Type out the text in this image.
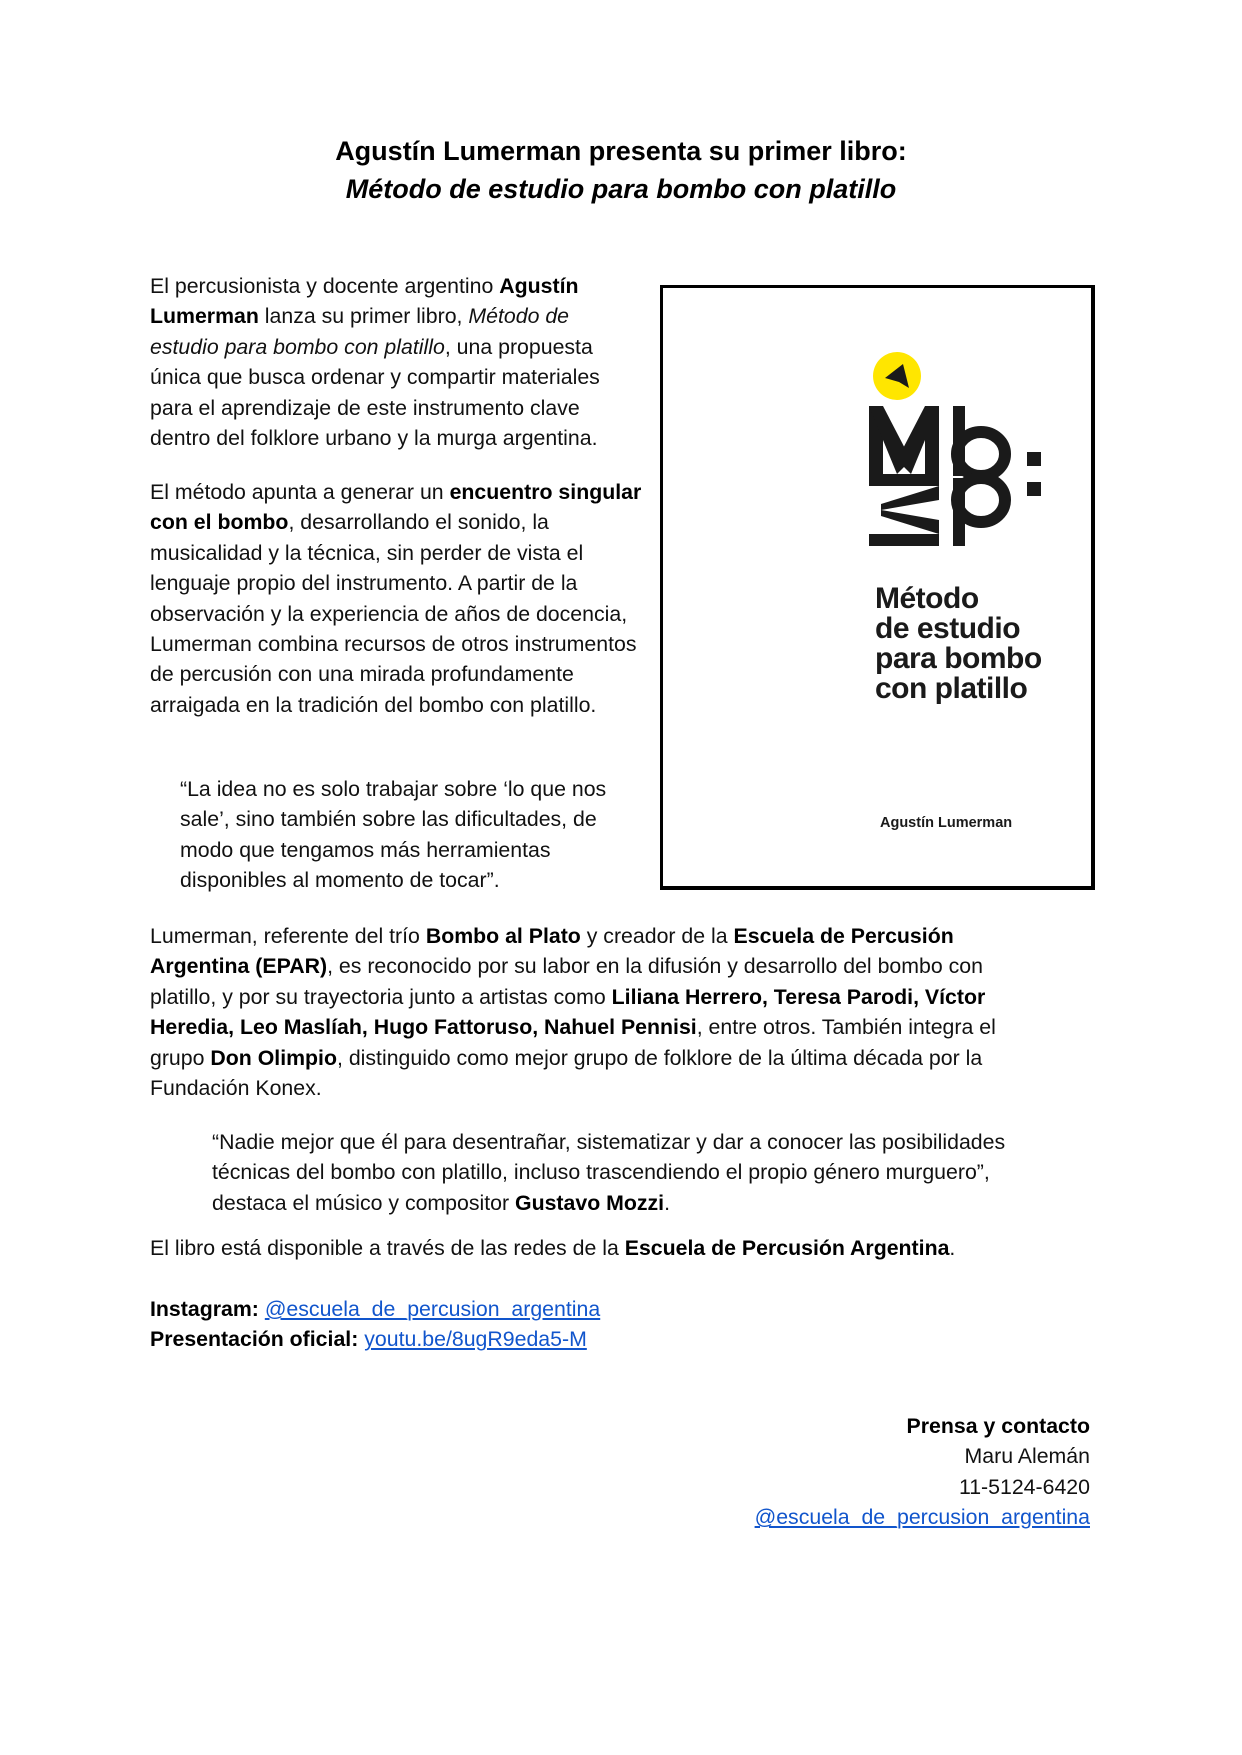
Agustín Lumerman presenta su primer libro:
Método de estudio para bombo con platillo

El percusionista y docente argentino Agustín Lumerman lanza su primer libro, Método de estudio para bombo con platillo, una propuesta única que busca ordenar y compartir materiales para el aprendizaje de este instrumento clave dentro del folklore urbano y la murga argentina.

El método apunta a generar un encuentro singular con el bombo, desarrollando el sonido, la musicalidad y la técnica, sin perder de vista el lenguaje propio del instrumento. A partir de la observación y la experiencia de años de docencia, Lumerman combina recursos de otros instrumentos de percusión con una mirada profundamente arraigada en la tradición del bombo con platillo.

“La idea no es solo trabajar sobre ‘lo que nos sale’, sino también sobre las dificultades, de modo que tengamos más herramientas disponibles al momento de tocar”.

Método
de estudio
para bombo
con platillo
Agustín Lumerman

Lumerman, referente del trío Bombo al Plato y creador de la Escuela de Percusión Argentina (EPAR), es reconocido por su labor en la difusión y desarrollo del bombo con platillo, y por su trayectoria junto a artistas como Liliana Herrero, Teresa Parodi, Víctor Heredia, Leo Maslíah, Hugo Fattoruso, Nahuel Pennisi, entre otros. También integra el grupo Don Olimpio, distinguido como mejor grupo de folklore de la última década por la Fundación Konex.

“Nadie mejor que él para desentrañar, sistematizar y dar a conocer las posibilidades técnicas del bombo con platillo, incluso trascendiendo el propio género murguero”, destaca el músico y compositor Gustavo Mozzi.

El libro está disponible a través de las redes de la Escuela de Percusión Argentina.

Instagram: @escuela_de_percusion_argentina
Presentación oficial: youtu.be/8ugR9eda5-M
Prensa y contacto
Maru Alemán
11-5124-6420
@escuela_de_percusion_argentina
